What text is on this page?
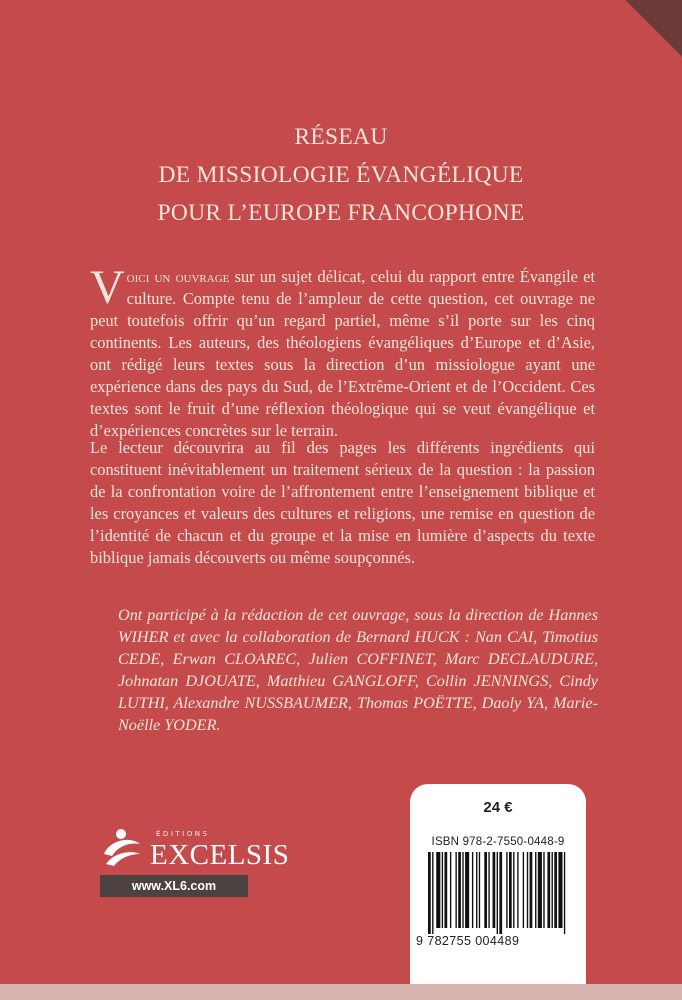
RÉSEAU
DE MISSIOLOGIE ÉVANGÉLIQUE
POUR L’EUROPE FRANCOPHONE

Voici un ouvrage sur un sujet délicat, celui du rapport entre Évangile et culture. Compte tenu de l’ampleur de cette question, cet ouvrage ne peut toutefois offrir qu’un regard partiel, même s’il porte sur les cinq continents. Les auteurs, des théologiens évangéliques d’Europe et d’Asie, ont rédigé leurs textes sous la direction d’un missiologue ayant une expérience dans des pays du Sud, de l’Extrême-Orient et de l’Occident. Ces textes sont le fruit d’une réflexion théologique qui se veut évangélique et d’expériences concrètes sur le terrain.

Le lecteur découvrira au fil des pages les différents ingrédients qui constituent inévitablement un traitement sérieux de la question : la passion de la confrontation voire de l’affrontement entre l’enseignement biblique et les croyances et valeurs des cultures et religions, une remise en question de l’identité de chacun et du groupe et la mise en lumière d’aspects du texte biblique jamais découverts ou même soupçonnés.

Ont participé à la rédaction de cet ouvrage, sous la direction de Hannes WIHER et avec la collaboration de Bernard HUCK : Nan CAI, Timotius CEDE, Erwan CLOAREC, Julien COFFINET, Marc DECLAUDURE, Johnatan DJOUATE, Matthieu GANGLOFF, Collin JENNINGS, Cindy LUTHI, Alexandre NUSSBAUMER, Thomas POËTTE, Daoly YA, Marie-Noëlle YODER.

ÉDITIONS
EXCELSIS
www.XL6.com
24 €
ISBN 978-2-7550-0448-9
9 782755 004489
